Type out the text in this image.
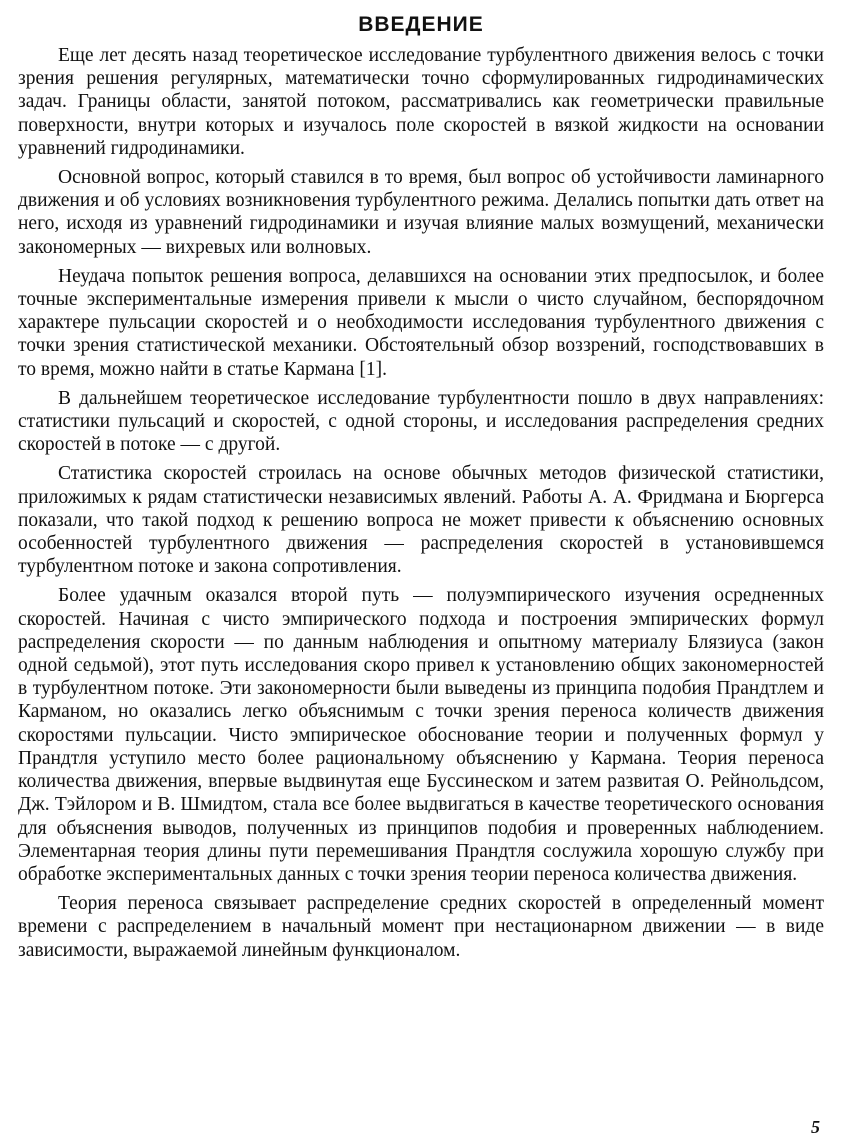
ВВЕДЕНИЕ

Еще лет десять назад теоретическое исследование турбулентного движения велось с точки зрения решения регулярных, математически точно сформулированных гидродинамических задач. Границы области, занятой потоком, рассматривались как геометрически правильные поверхности, внутри которых и изучалось поле скоростей в вязкой жидкости на основании уравнений гидродинамики.

Основной вопрос, который ставился в то время, был вопрос об устойчивости ламинарного движения и об условиях возникновения турбулентного режима. Делались попытки дать ответ на него, исходя из уравнений гидродинамики и изучая влияние малых возмущений, механически закономерных — вихревых или волновых.

Неудача попыток решения вопроса, делавшихся на основании этих предпосылок, и более точные экспериментальные измерения привели к мысли о чисто случайном, беспорядочном характере пульсации скоростей и о необходимости исследования турбулентного движения с точки зрения статистической механики. Обстоятельный обзор воззрений, господствовавших в то время, можно найти в статье Кармана [1].

В дальнейшем теоретическое исследование турбулентности пошло в двух направлениях: статистики пульсаций и скоростей, с одной стороны, и исследования распределения средних скоростей в потоке — с другой.

Статистика скоростей строилась на основе обычных методов физической статистики, приложимых к рядам статистически независимых явлений. Работы А. А. Фридмана и Бюргерса показали, что такой подход к решению вопроса не может привести к объяснению основных особенностей турбулентного движения — распределения скоростей в установившемся турбулентном потоке и закона сопротивления.

Более удачным оказался второй путь — полуэмпирического изучения осредненных скоростей. Начиная с чисто эмпирического подхода и построения эмпирических формул распределения скорости — по данным наблюдения и опытному материалу Блязиуса (закон одной седьмой), этот путь исследования скоро привел к установлению общих закономерностей в турбулентном потоке. Эти закономерности были выведены из принципа подобия Прандтлем и Карманом, но оказались легко объяснимым с точки зрения переноса количеств движения скоростями пульсации. Чисто эмпирическое обоснование теории и полученных формул у Прандтля уступило место более рациональному объяснению у Кармана. Теория переноса количества движения, впервые выдвинутая еще Буссинеском и затем развитая О. Рейнольдсом, Дж. Тэйлором и В. Шмидтом, стала все более выдвигаться в качестве теоретического основания для объяснения выводов, полученных из принципов подобия и проверенных наблюдением. Элементарная теория длины пути перемешивания Прандтля сослужила хорошую службу при обработке экспериментальных данных с точки зрения теории переноса количества движения.

Теория переноса связывает распределение средних скоростей в определенный момент времени с распределением в начальный момент при нестационарном движении — в виде зависимости, выражаемой линейным функционалом.

5
